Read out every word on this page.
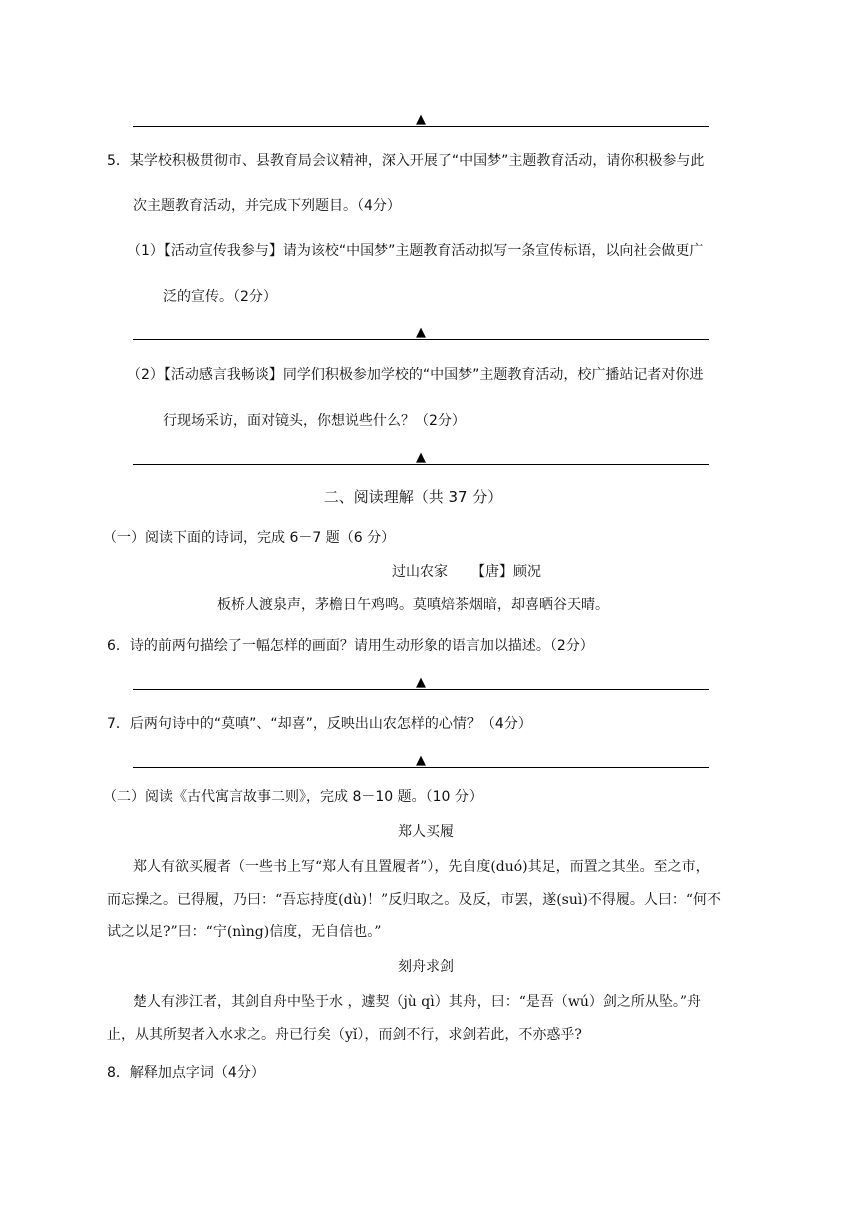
▲
5．某学校积极贯彻市、县教育局会议精神，深入开展了“中国梦”主题教育活动，请你积极参与此
次主题教育活动，并完成下列题目。（4分）
（1）【活动宣传我参与】请为该校“中国梦”主题教育活动拟写一条宣传标语，以向社会做更广
泛的宣传。（2分）
▲
（2）【活动感言我畅谈】同学们积极参加学校的“中国梦”主题教育活动，校广播站记者对你进
行现场采访，面对镜头，你想说些什么？（2分）
▲
二、阅读理解（共 37 分）
（一）阅读下面的诗词，完成 6－7 题（6 分）
过山农家 【唐】顾况
板桥人渡泉声，茅檐日午鸡鸣。莫嗔焙茶烟暗，却喜晒谷天晴。
6．诗的前两句描绘了一幅怎样的画面？请用生动形象的语言加以描述。（2分）
▲
7．后两句诗中的“莫嗔”、“却喜”，反映出山农怎样的心情？（4分）
▲
（二）阅读《古代寓言故事二则》，完成 8－10 题。（10 分）
郑人买履
郑人有欲买履者（一些书上写“郑人有且置履者”），先自度(duó)其足，而置之其坐。至之市，
而忘操之。已得履，乃曰：“吾忘持度(dù)！”反归取之。及反，市罢，遂(suì)不得履。人曰：“何不
试之以足?”曰：“宁(nìng)信度，无自信也。”
刻舟求剑
楚人有涉江者，其剑自舟中坠于水 ，遽契（jù qì）其舟，曰：“是吾（wú）剑之所从坠。”舟
止，从其所契者入水求之。舟已行矣（yǐ），而剑不行，求剑若此，不亦惑乎?
8．解释加点字词（4分）
